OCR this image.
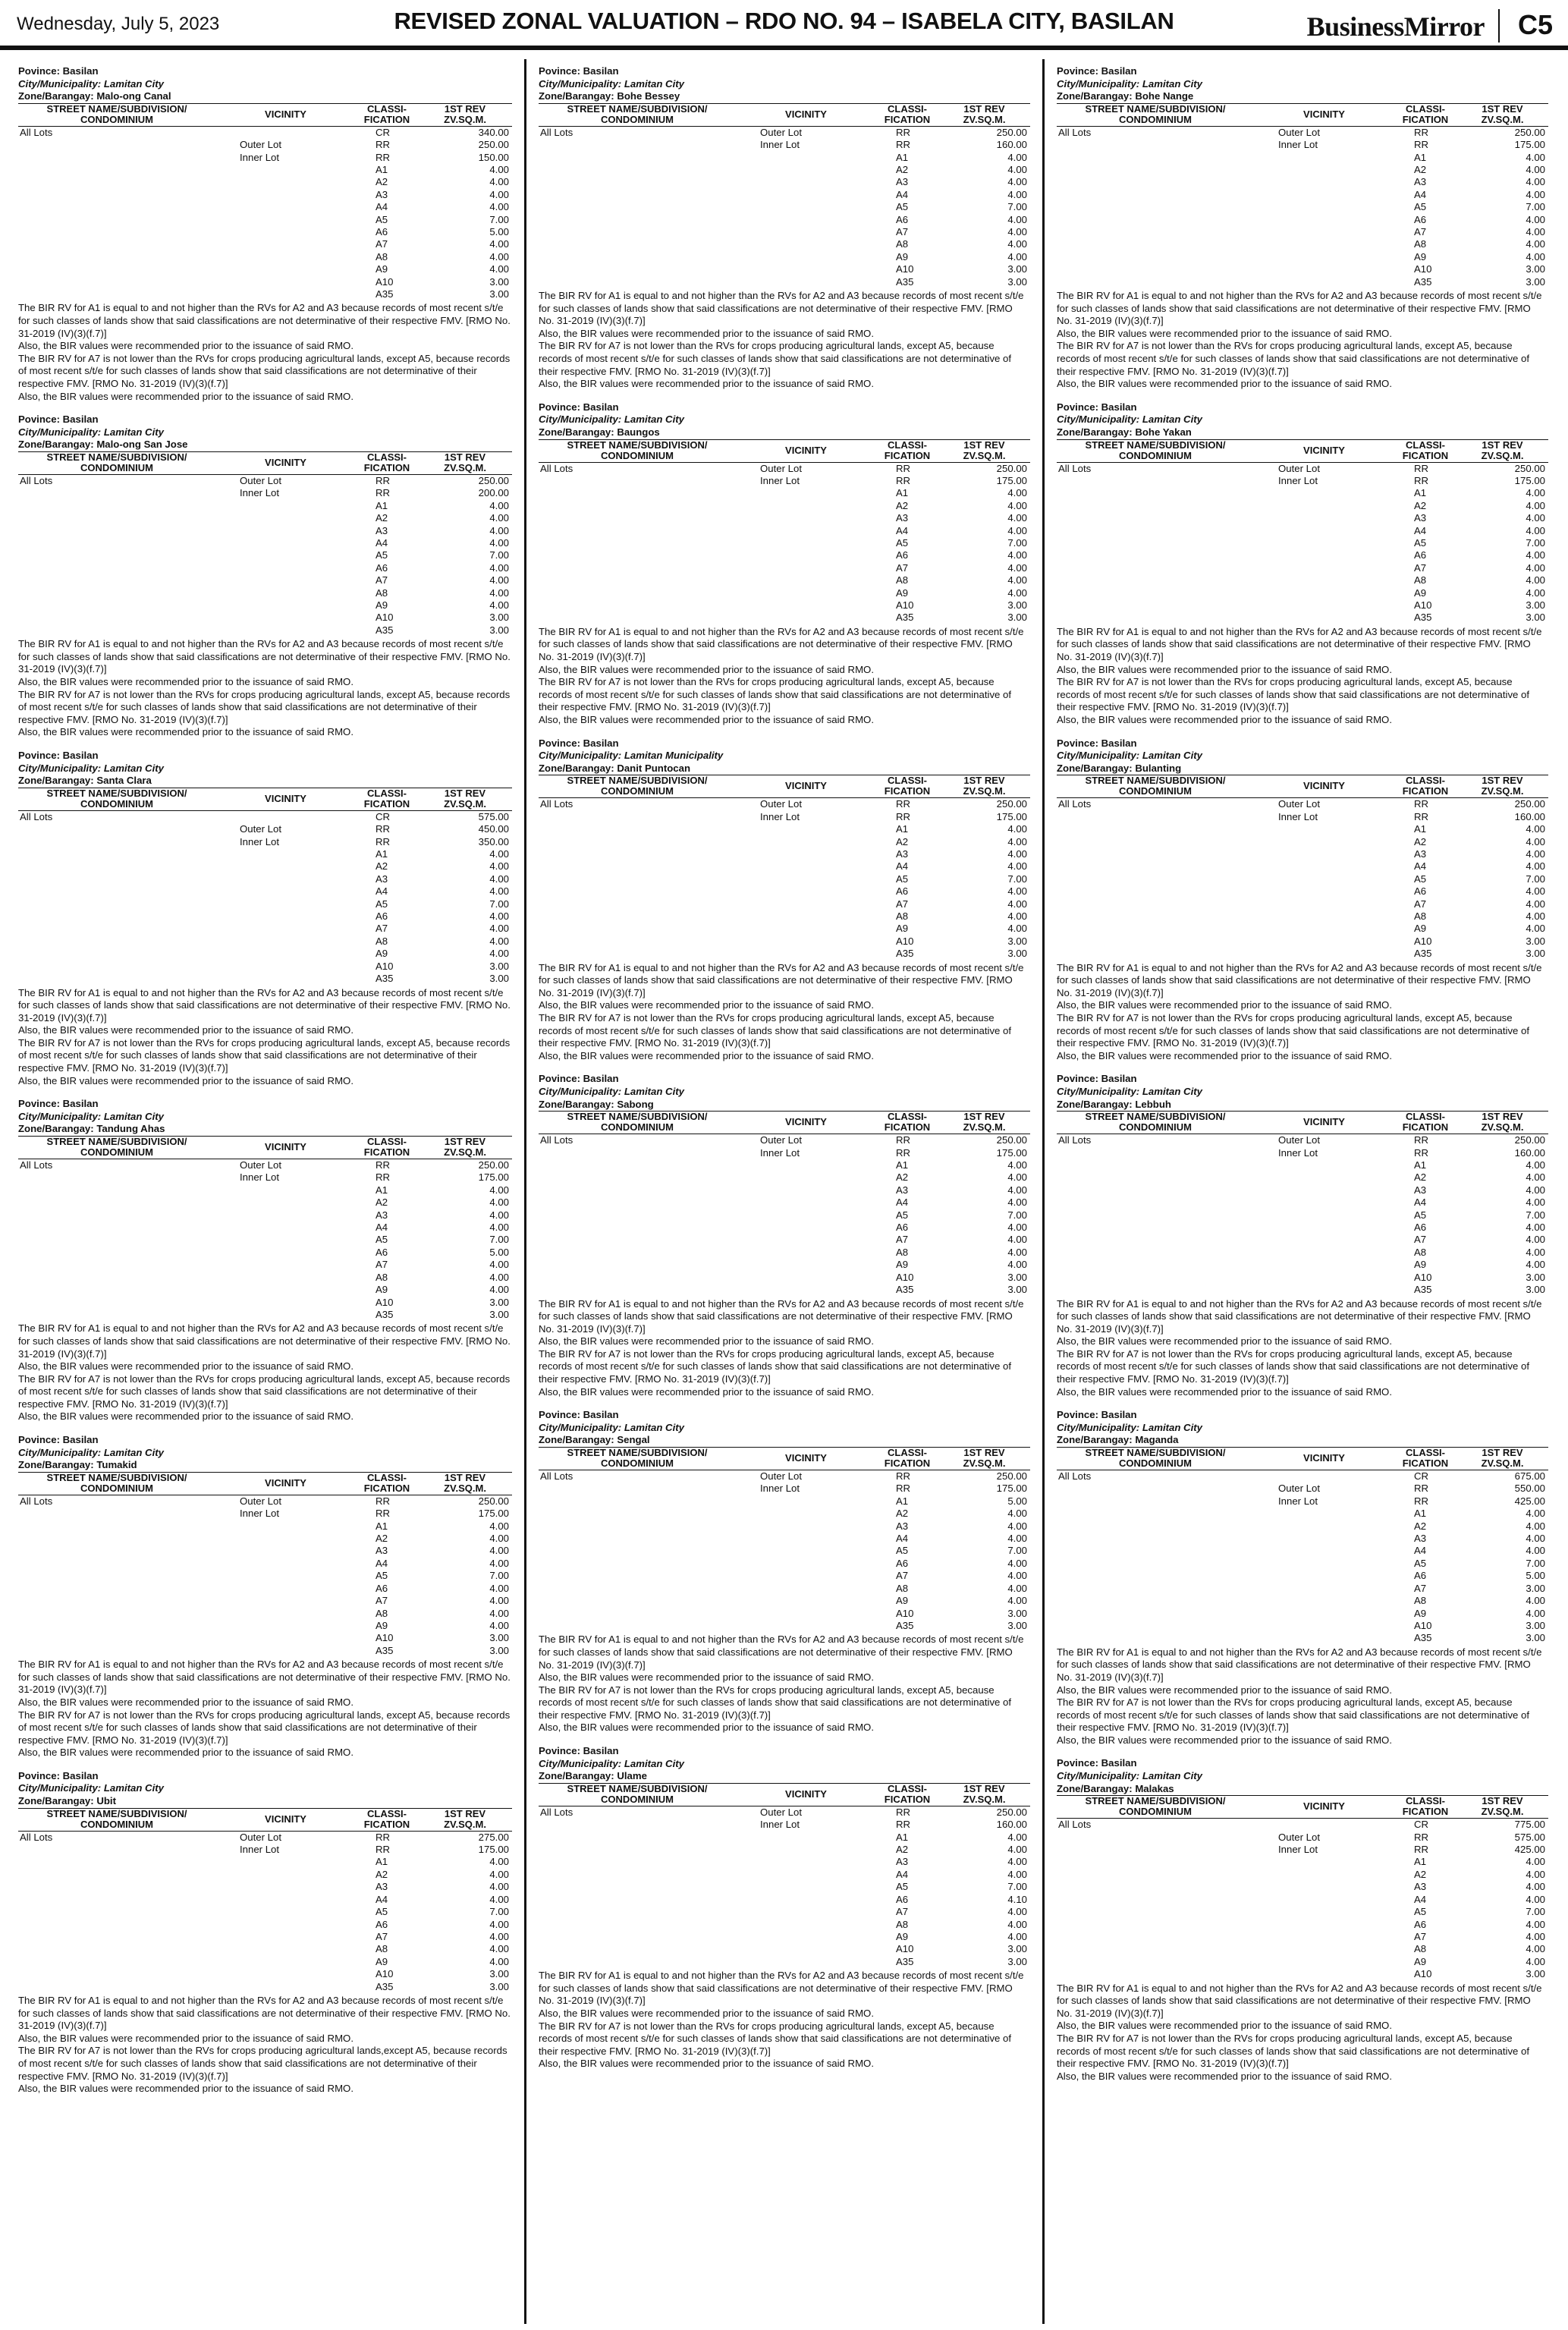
Wednesday, July 5, 2023	REVISED ZONAL VALUATION – RDO NO. 94 – ISABELA CITY, BASILAN	BusinessMirror C5
Povince: Basilan
City/Municipality: Lamitan City
Zone/Barangay: Malo-ong Canal
STREET NAME/SUBDIVISION/
CONDOMINIUM	VICINITY	CLASSI-
FICATION	1ST REV
ZV.SQ.M.
All Lots		CR	340.00
	Outer Lot	RR	250.00
	Inner Lot	RR	150.00
		A1	4.00
		A2	4.00
		A3	4.00
		A4	4.00
		A5	7.00
		A6	5.00
		A7	4.00
		A8	4.00
		A9	4.00
		A10	3.00
		A35	3.00

The BIR RV for A1 is equal to and not higher than the RVs for A2 and A3 because records of most recent s/t/e for such classes of lands show that said classifications are not determinative of their respective FMV. [RMO No. 31-2019 (IV)(3)(f.7)]

Also, the BIR values were recommended prior to the issuance of said RMO.

The BIR RV for A7 is not lower than the RVs for crops producing agricultural lands, except A5, because records of most recent s/t/e for such classes of lands show that said classifications are not determinative of their respective FMV. [RMO No. 31-2019 (IV)(3)(f.7)]

Also, the BIR values were recommended prior to the issuance of said RMO.

Povince: Basilan
City/Municipality: Lamitan City
Zone/Barangay: Malo-ong San Jose
STREET NAME/SUBDIVISION/
CONDOMINIUM	VICINITY	CLASSI-
FICATION	1ST REV
ZV.SQ.M.
All Lots	Outer Lot	RR	250.00
	Inner Lot	RR	200.00
		A1	4.00
		A2	4.00
		A3	4.00
		A4	4.00
		A5	7.00
		A6	4.00
		A7	4.00
		A8	4.00
		A9	4.00
		A10	3.00
		A35	3.00

The BIR RV for A1 is equal to and not higher than the RVs for A2 and A3 because records of most recent s/t/e for such classes of lands show that said classifications are not determinative of their respective FMV. [RMO No. 31-2019 (IV)(3)(f.7)]

Also, the BIR values were recommended prior to the issuance of said RMO.

The BIR RV for A7 is not lower than the RVs for crops producing agricultural lands, except A5, because records of most recent s/t/e for such classes of lands show that said classifications are not determinative of their respective FMV. [RMO No. 31-2019 (IV)(3)(f.7)]

Also, the BIR values were recommended prior to the issuance of said RMO.

Povince: Basilan
City/Municipality: Lamitan City
Zone/Barangay: Santa Clara
STREET NAME/SUBDIVISION/
CONDOMINIUM	VICINITY	CLASSI-
FICATION	1ST REV
ZV.SQ.M.
All Lots		CR	575.00
	Outer Lot	RR	450.00
	Inner Lot	RR	350.00
		A1	4.00
		A2	4.00
		A3	4.00
		A4	4.00
		A5	7.00
		A6	4.00
		A7	4.00
		A8	4.00
		A9	4.00
		A10	3.00
		A35	3.00

The BIR RV for A1 is equal to and not higher than the RVs for A2 and A3 because records of most recent s/t/e for such classes of lands show that said classifications are not determinative of their respective FMV. [RMO No. 31-2019 (IV)(3)(f.7)]

Also, the BIR values were recommended prior to the issuance of said RMO.

The BIR RV for A7 is not lower than the RVs for crops producing agricultural lands, except A5, because records of most recent s/t/e for such classes of lands show that said classifications are not determinative of their respective FMV. [RMO No. 31-2019 (IV)(3)(f.7)]

Also, the BIR values were recommended prior to the issuance of said RMO.

Povince: Basilan
City/Municipality: Lamitan City
Zone/Barangay: Tandung Ahas
STREET NAME/SUBDIVISION/
CONDOMINIUM	VICINITY	CLASSI-
FICATION	1ST REV
ZV.SQ.M.
All Lots	Outer Lot	RR	250.00
	Inner Lot	RR	175.00
		A1	4.00
		A2	4.00
		A3	4.00
		A4	4.00
		A5	7.00
		A6	5.00
		A7	4.00
		A8	4.00
		A9	4.00
		A10	3.00
		A35	3.00

The BIR RV for A1 is equal to and not higher than the RVs for A2 and A3 because records of most recent s/t/e for such classes of lands show that said classifications are not determinative of their respective FMV. [RMO No. 31-2019 (IV)(3)(f.7)]

Also, the BIR values were recommended prior to the issuance of said RMO.

The BIR RV for A7 is not lower than the RVs for crops producing agricultural lands, except A5, because records of most recent s/t/e for such classes of lands show that said classifications are not determinative of their respective FMV. [RMO No. 31-2019 (IV)(3)(f.7)]

Also, the BIR values were recommended prior to the issuance of said RMO.

Povince: Basilan
City/Municipality: Lamitan City
Zone/Barangay: Tumakid
STREET NAME/SUBDIVISION/
CONDOMINIUM	VICINITY	CLASSI-
FICATION	1ST REV
ZV.SQ.M.
All Lots	Outer Lot	RR	250.00
	Inner Lot	RR	175.00
		A1	4.00
		A2	4.00
		A3	4.00
		A4	4.00
		A5	7.00
		A6	4.00
		A7	4.00
		A8	4.00
		A9	4.00
		A10	3.00
		A35	3.00

The BIR RV for A1 is equal to and not higher than the RVs for A2 and A3 because records of most recent s/t/e for such classes of lands show that said classifications are not determinative of their respective FMV. [RMO No. 31-2019 (IV)(3)(f.7)]

Also, the BIR values were recommended prior to the issuance of said RMO.

The BIR RV for A7 is not lower than the RVs for crops producing agricultural lands, except A5, because records of most recent s/t/e for such classes of lands show that said classifications are not determinative of their respective FMV. [RMO No. 31-2019 (IV)(3)(f.7)]

Also, the BIR values were recommended prior to the issuance of said RMO.

Povince: Basilan
City/Municipality: Lamitan City
Zone/Barangay: Ubit
STREET NAME/SUBDIVISION/
CONDOMINIUM	VICINITY	CLASSI-
FICATION	1ST REV
ZV.SQ.M.
All Lots	Outer Lot	RR	275.00
	Inner Lot	RR	175.00
		A1	4.00
		A2	4.00
		A3	4.00
		A4	4.00
		A5	7.00
		A6	4.00
		A7	4.00
		A8	4.00
		A9	4.00
		A10	3.00
		A35	3.00

The BIR RV for A1 is equal to and not higher than the RVs for A2 and A3 because records of most recent s/t/e for such classes of lands show that said classifications are not determinative of their respective FMV. [RMO No. 31-2019 (IV)(3)(f.7)]

Also, the BIR values were recommended prior to the issuance of said RMO.

The BIR RV for A7 is not lower than the RVs for crops producing agricultural lands,except A5, because records of most recent s/t/e for such classes of lands show that said classifications are not determinative of their respective FMV. [RMO No. 31-2019 (IV)(3)(f.7)]

Also, the BIR values were recommended prior to the issuance of said RMO.

Povince: Basilan
City/Municipality: Lamitan City
Zone/Barangay: Bohe Bessey
STREET NAME/SUBDIVISION/
CONDOMINIUM	VICINITY	CLASSI-
FICATION	1ST REV
ZV.SQ.M.
All Lots	Outer Lot	RR	250.00
	Inner Lot	RR	160.00
		A1	4.00
		A2	4.00
		A3	4.00
		A4	4.00
		A5	7.00
		A6	4.00
		A7	4.00
		A8	4.00
		A9	4.00
		A10	3.00
		A35	3.00

The BIR RV for A1 is equal to and not higher than the RVs for A2 and A3 because records of most recent s/t/e for such classes of lands show that said classifications are not determinative of their respective FMV. [RMO No. 31-2019 (IV)(3)(f.7)]

Also, the BIR values were recommended prior to the issuance of said RMO.

The BIR RV for A7 is not lower than the RVs for crops producing agricultural lands, except A5, because records of most recent s/t/e for such classes of lands show that said classifications are not determinative of their respective FMV. [RMO No. 31-2019 (IV)(3)(f.7)]

Also, the BIR values were recommended prior to the issuance of said RMO.

Povince: Basilan
City/Municipality: Lamitan City
Zone/Barangay: Baungos
STREET NAME/SUBDIVISION/
CONDOMINIUM	VICINITY	CLASSI-
FICATION	1ST REV
ZV.SQ.M.
All Lots	Outer Lot	RR	250.00
	Inner Lot	RR	175.00
		A1	4.00
		A2	4.00
		A3	4.00
		A4	4.00
		A5	7.00
		A6	4.00
		A7	4.00
		A8	4.00
		A9	4.00
		A10	3.00
		A35	3.00

The BIR RV for A1 is equal to and not higher than the RVs for A2 and A3 because records of most recent s/t/e for such classes of lands show that said classifications are not determinative of their respective FMV. [RMO No. 31-2019 (IV)(3)(f.7)]

Also, the BIR values were recommended prior to the issuance of said RMO.

The BIR RV for A7 is not lower than the RVs for crops producing agricultural lands, except A5, because records of most recent s/t/e for such classes of lands show that said classifications are not determinative of their respective FMV. [RMO No. 31-2019 (IV)(3)(f.7)]

Also, the BIR values were recommended prior to the issuance of said RMO.

Povince: Basilan
City/Municipality: Lamitan Municipality
Zone/Barangay: Danit Puntocan
STREET NAME/SUBDIVISION/
CONDOMINIUM	VICINITY	CLASSI-
FICATION	1ST REV
ZV.SQ.M.
All Lots	Outer Lot	RR	250.00
	Inner Lot	RR	175.00
		A1	4.00
		A2	4.00
		A3	4.00
		A4	4.00
		A5	7.00
		A6	4.00
		A7	4.00
		A8	4.00
		A9	4.00
		A10	3.00
		A35	3.00

The BIR RV for A1 is equal to and not higher than the RVs for A2 and A3 because records of most recent s/t/e for such classes of lands show that said classifications are not determinative of their respective FMV. [RMO No. 31-2019 (IV)(3)(f.7)]

Also, the BIR values were recommended prior to the issuance of said RMO.

The BIR RV for A7 is not lower than the RVs for crops producing agricultural lands, except A5, because records of most recent s/t/e for such classes of lands show that said classifications are not determinative of their respective FMV. [RMO No. 31-2019 (IV)(3)(f.7)]

Also, the BIR values were recommended prior to the issuance of said RMO.

Povince: Basilan
City/Municipality: Lamitan City
Zone/Barangay: Sabong
STREET NAME/SUBDIVISION/
CONDOMINIUM	VICINITY	CLASSI-
FICATION	1ST REV
ZV.SQ.M.
All Lots	Outer Lot	RR	250.00
	Inner Lot	RR	175.00
		A1	4.00
		A2	4.00
		A3	4.00
		A4	4.00
		A5	7.00
		A6	4.00
		A7	4.00
		A8	4.00
		A9	4.00
		A10	3.00
		A35	3.00

The BIR RV for A1 is equal to and not higher than the RVs for A2 and A3 because records of most recent s/t/e for such classes of lands show that said classifications are not determinative of their respective FMV. [RMO No. 31-2019 (IV)(3)(f.7)]

Also, the BIR values were recommended prior to the issuance of said RMO.

The BIR RV for A7 is not lower than the RVs for crops producing agricultural lands, except A5, because records of most recent s/t/e for such classes of lands show that said classifications are not determinative of their respective FMV. [RMO No. 31-2019 (IV)(3)(f.7)]

Also, the BIR values were recommended prior to the issuance of said RMO.

Povince: Basilan
City/Municipality: Lamitan City
Zone/Barangay: Sengal
STREET NAME/SUBDIVISION/
CONDOMINIUM	VICINITY	CLASSI-
FICATION	1ST REV
ZV.SQ.M.
All Lots	Outer Lot	RR	250.00
	Inner Lot	RR	175.00
		A1	5.00
		A2	4.00
		A3	4.00
		A4	4.00
		A5	7.00
		A6	4.00
		A7	4.00
		A8	4.00
		A9	4.00
		A10	3.00
		A35	3.00

The BIR RV for A1 is equal to and not higher than the RVs for A2 and A3 because records of most recent s/t/e for such classes of lands show that said classifications are not determinative of their respective FMV. [RMO No. 31-2019 (IV)(3)(f.7)]

Also, the BIR values were recommended prior to the issuance of said RMO.

The BIR RV for A7 is not lower than the RVs for crops producing agricultural lands, except A5, because records of most recent s/t/e for such classes of lands show that said classifications are not determinative of their respective FMV. [RMO No. 31-2019 (IV)(3)(f.7)]

Also, the BIR values were recommended prior to the issuance of said RMO.

Povince: Basilan
City/Municipality: Lamitan City
Zone/Barangay: Ulame
STREET NAME/SUBDIVISION/
CONDOMINIUM	VICINITY	CLASSI-
FICATION	1ST REV
ZV.SQ.M.
All Lots	Outer Lot	RR	250.00
	Inner Lot	RR	160.00
		A1	4.00
		A2	4.00
		A3	4.00
		A4	4.00
		A5	7.00
		A6	4.10
		A7	4.00
		A8	4.00
		A9	4.00
		A10	3.00
		A35	3.00

The BIR RV for A1 is equal to and not higher than the RVs for A2 and A3 because records of most recent s/t/e for such classes of lands show that said classifications are not determinative of their respective FMV. [RMO No. 31-2019 (IV)(3)(f.7)]

Also, the BIR values were recommended prior to the issuance of said RMO.

The BIR RV for A7 is not lower than the RVs for crops producing agricultural lands, except A5, because records of most recent s/t/e for such classes of lands show that said classifications are not determinative of their respective FMV. [RMO No. 31-2019 (IV)(3)(f.7)]

Also, the BIR values were recommended prior to the issuance of said RMO.

Povince: Basilan
City/Municipality: Lamitan City
Zone/Barangay: Bohe Nange
STREET NAME/SUBDIVISION/
CONDOMINIUM	VICINITY	CLASSI-
FICATION	1ST REV
ZV.SQ.M.
All Lots	Outer Lot	RR	250.00
	Inner Lot	RR	175.00
		A1	4.00
		A2	4.00
		A3	4.00
		A4	4.00
		A5	7.00
		A6	4.00
		A7	4.00
		A8	4.00
		A9	4.00
		A10	3.00
		A35	3.00

The BIR RV for A1 is equal to and not higher than the RVs for A2 and A3 because records of most recent s/t/e for such classes of lands show that said classifications are not determinative of their respective FMV. [RMO No. 31-2019 (IV)(3)(f.7)]

Also, the BIR values were recommended prior to the issuance of said RMO.

The BIR RV for A7 is not lower than the RVs for crops producing agricultural lands, except A5, because records of most recent s/t/e for such classes of lands show that said classifications are not determinative of their respective FMV. [RMO No. 31-2019 (IV)(3)(f.7)]

Also, the BIR values were recommended prior to the issuance of said RMO.

Povince: Basilan
City/Municipality: Lamitan City
Zone/Barangay: Bohe Yakan
STREET NAME/SUBDIVISION/
CONDOMINIUM	VICINITY	CLASSI-
FICATION	1ST REV
ZV.SQ.M.
All Lots	Outer Lot	RR	250.00
	Inner Lot	RR	175.00
		A1	4.00
		A2	4.00
		A3	4.00
		A4	4.00
		A5	7.00
		A6	4.00
		A7	4.00
		A8	4.00
		A9	4.00
		A10	3.00
		A35	3.00

The BIR RV for A1 is equal to and not higher than the RVs for A2 and A3 because records of most recent s/t/e for such classes of lands show that said classifications are not determinative of their respective FMV. [RMO No. 31-2019 (IV)(3)(f.7)]

Also, the BIR values were recommended prior to the issuance of said RMO.

The BIR RV for A7 is not lower than the RVs for crops producing agricultural lands, except A5, because records of most recent s/t/e for such classes of lands show that said classifications are not determinative of their respective FMV. [RMO No. 31-2019 (IV)(3)(f.7)]

Also, the BIR values were recommended prior to the issuance of said RMO.

Povince: Basilan
City/Municipality: Lamitan City
Zone/Barangay: Bulanting
STREET NAME/SUBDIVISION/
CONDOMINIUM	VICINITY	CLASSI-
FICATION	1ST REV
ZV.SQ.M.
All Lots	Outer Lot	RR	250.00
	Inner Lot	RR	160.00
		A1	4.00
		A2	4.00
		A3	4.00
		A4	4.00
		A5	7.00
		A6	4.00
		A7	4.00
		A8	4.00
		A9	4.00
		A10	3.00
		A35	3.00

The BIR RV for A1 is equal to and not higher than the RVs for A2 and A3 because records of most recent s/t/e for such classes of lands show that said classifications are not determinative of their respective FMV. [RMO No. 31-2019 (IV)(3)(f.7)]

Also, the BIR values were recommended prior to the issuance of said RMO.

The BIR RV for A7 is not lower than the RVs for crops producing agricultural lands, except A5, because records of most recent s/t/e for such classes of lands show that said classifications are not determinative of their respective FMV. [RMO No. 31-2019 (IV)(3)(f.7)]

Also, the BIR values were recommended prior to the issuance of said RMO.

Povince: Basilan
City/Municipality: Lamitan City
Zone/Barangay: Lebbuh
STREET NAME/SUBDIVISION/
CONDOMINIUM	VICINITY	CLASSI-
FICATION	1ST REV
ZV.SQ.M.
All Lots	Outer Lot	RR	250.00
	Inner Lot	RR	160.00
		A1	4.00
		A2	4.00
		A3	4.00
		A4	4.00
		A5	7.00
		A6	4.00
		A7	4.00
		A8	4.00
		A9	4.00
		A10	3.00
		A35	3.00

The BIR RV for A1 is equal to and not higher than the RVs for A2 and A3 because records of most recent s/t/e for such classes of lands show that said classifications are not determinative of their respective FMV. [RMO No. 31-2019 (IV)(3)(f.7)]

Also, the BIR values were recommended prior to the issuance of said RMO.

The BIR RV for A7 is not lower than the RVs for crops producing agricultural lands, except A5, because records of most recent s/t/e for such classes of lands show that said classifications are not determinative of their respective FMV. [RMO No. 31-2019 (IV)(3)(f.7)]

Also, the BIR values were recommended prior to the issuance of said RMO.

Povince: Basilan
City/Municipality: Lamitan City
Zone/Barangay: Maganda
STREET NAME/SUBDIVISION/
CONDOMINIUM	VICINITY	CLASSI-
FICATION	1ST REV
ZV.SQ.M.
All Lots		CR	675.00
	Outer Lot	RR	550.00
	Inner Lot	RR	425.00
		A1	4.00
		A2	4.00
		A3	4.00
		A4	4.00
		A5	7.00
		A6	5.00
		A7	3.00
		A8	4.00
		A9	4.00
		A10	3.00
		A35	3.00

The BIR RV for A1 is equal to and not higher than the RVs for A2 and A3 because records of most recent s/t/e for such classes of lands show that said classifications are not determinative of their respective FMV. [RMO No. 31-2019 (IV)(3)(f.7)]

Also, the BIR values were recommended prior to the issuance of said RMO.

The BIR RV for A7 is not lower than the RVs for crops producing agricultural lands, except A5, because records of most recent s/t/e for such classes of lands show that said classifications are not determinative of their respective FMV. [RMO No. 31-2019 (IV)(3)(f.7)]

Also, the BIR values were recommended prior to the issuance of said RMO.

Povince: Basilan
City/Municipality: Lamitan City
Zone/Barangay: Malakas
STREET NAME/SUBDIVISION/
CONDOMINIUM	VICINITY	CLASSI-
FICATION	1ST REV
ZV.SQ.M.
All Lots		CR	775.00
	Outer Lot	RR	575.00
	Inner Lot	RR	425.00
		A1	4.00
		A2	4.00
		A3	4.00
		A4	4.00
		A5	7.00
		A6	4.00
		A7	4.00
		A8	4.00
		A9	4.00
		A10	3.00

The BIR RV for A1 is equal to and not higher than the RVs for A2 and A3 because records of most recent s/t/e for such classes of lands show that said classifications are not determinative of their respective FMV. [RMO No. 31-2019 (IV)(3)(f.7)]

Also, the BIR values were recommended prior to the issuance of said RMO.

The BIR RV for A7 is not lower than the RVs for crops producing agricultural lands, except A5, because records of most recent s/t/e for such classes of lands show that said classifications are not determinative of their respective FMV. [RMO No. 31-2019 (IV)(3)(f.7)]

Also, the BIR values were recommended prior to the issuance of said RMO.
